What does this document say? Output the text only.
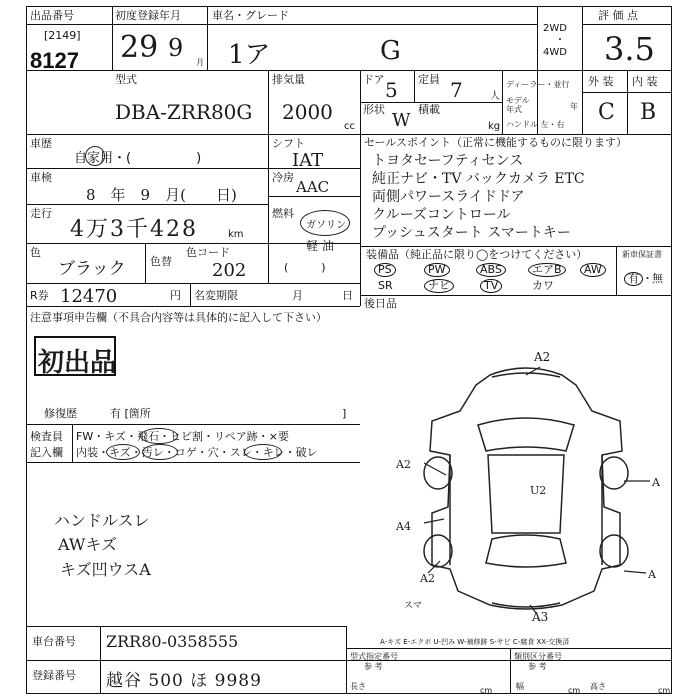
出品番号
[2149]
8127
初度登録年月
29 9
月
車名・グレード
1ア	G
2WD
・
4WD
評 価 点
3.5
型式
DBA-ZRR80G
排気量
2000
cc
ドア 5 定員 7	人
形状
W
積載
kg
ディーラー・並行
モデル年式	年
ハンドル 左・右
外 装 内 装
C B
車歴
自家用・(　　　　　)
車検
8　年　9　月(　　日)
走行
4万3千428	km
色
ブラック 色替
色コード
202
シフト
IAT
冷房
AAC
燃料
ガソリン
軽 油
(　　　)
R券 12470	円 名変期限	月	日
セールスポイント（正常に機能するものに限ります）
トヨタセーフティセンス
純正ナビ・TV バックカメラ ETC
両側パワースライドドア
クルーズコントロール
プッシュスタート スマートキー
装備品（純正品に限り◯をつけてください）
PS	PW	ABS	エアB	AW
SR	ナビ	TV	カワ
新車保証書
有 ・ 無
後日品
注意事項申告欄（不具合内容等は具体的に記入して下さい）
初出品
修復歴	有 [箇所	]
検査員
記入欄
FW・キズ・飛石・ヒビ割・リペア跡・×要
内装・キズ・汚レ・コゲ・穴・スレ・キレ・破レ
ハンドルスレ
AWキズ
キズ凹ウスA
A2
A2
A4
A2
U2
A
A
A3
スマ
A-キズ E-エクボ U-凹み W-補修跡 S-サビ C-腐食 XX-交換済
車台番号 ZRR80-0358555
登録番号 越谷 500 ほ 9989
型式指定番号
参 考
類別区分番号
参 考
長さ	cm	幅	cm 高さ	cm
